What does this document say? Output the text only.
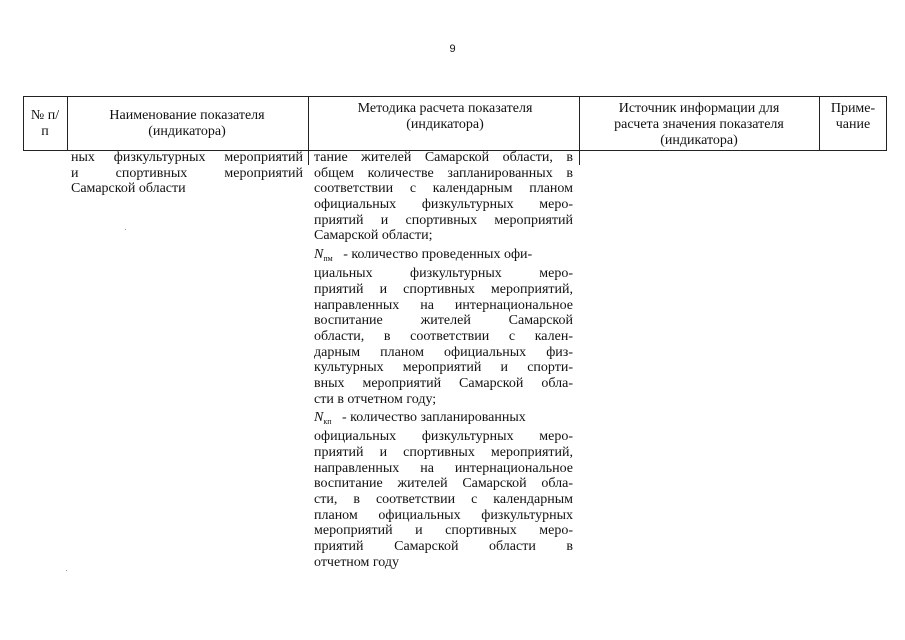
9
№ п/п
Наименование показателя (индикатора)
Методика расчета показателя (индикатора)
Источник информации для расчета значения показателя (индикатора)
Приме-чание
ных физкультурных мероприятий
и спортивных мероприятий
Самарской области
тание жителей Самарской области, в
общем количестве запланированных в
соответствии с календарным планом
официальных физкультурных меро-
приятий и спортивных мероприятий
Самарской области;
$N_{пм}$ - количество проведенных офи-
циальных физкультурных меро-
приятий и спортивных мероприятий,
направленных на интернациональное
воспитание жителей Самарской
области, в соответствии с кален-
дарным планом официальных физ-
культурных мероприятий и спорти-
вных мероприятий Самарской обла-
сти в отчетном году;
$N_{кп}$ - количество запланированных
официальных физкультурных меро-
приятий и спортивных мероприятий,
направленных на интернациональное
воспитание жителей Самарской обла-
сти, в соответствии с календарным
планом официальных физкультурных
мероприятий и спортивных меро-
приятий Самарской области в
отчетном году
